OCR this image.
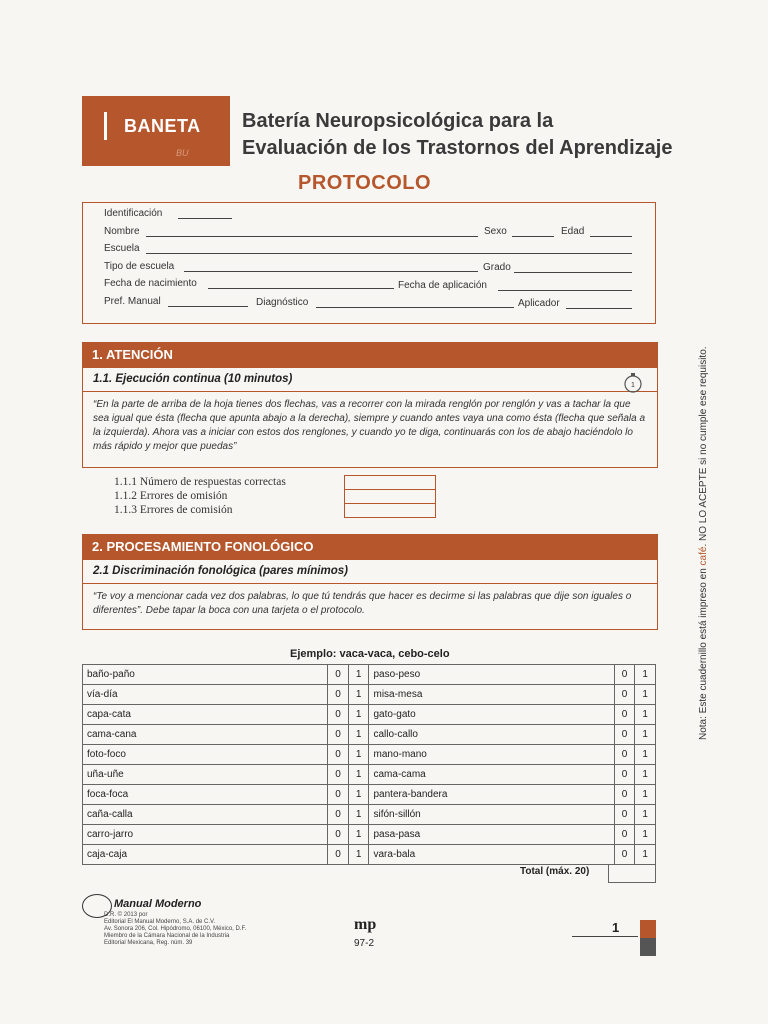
BANETA
BU
Batería Neuropsicológica para la
Evaluación de los Trastornos del Aprendizaje
PROTOCOLO
Identificación
Nombre	Sexo	Edad
Escuela
Tipo de escuela	Grado
Fecha de nacimiento	Fecha de aplicación
Pref. Manual	Diagnóstico	Aplicador
1. ATENCIÓN
1.1. Ejecución continua (10 minutos)
1
“En la parte de arriba de la hoja tienes dos flechas, vas a recorrer con la mirada renglón por renglón y vas a tachar la que sea igual que ésta (flecha que apunta abajo a la derecha), siempre y cuando antes vaya una como ésta (flecha que señala a la izquierda). Ahora vas a iniciar con estos dos renglones, y cuando yo te diga, continuarás con los de abajo haciéndolo lo más rápido y mejor que puedas”
1.1.1 Número de respuestas correctas
1.1.2 Errores de omisión
1.1.3 Errores de comisión
2. PROCESAMIENTO FONOLÓGICO
2.1 Discriminación fonológica (pares mínimos)
“Te voy a mencionar cada vez dos palabras, lo que tú tendrás que hacer es decirme si las palabras que dije son iguales o diferentes”. Debe tapar la boca con una tarjeta o el protocolo.
Ejemplo: vaca-vaca, cebo-celo
baño-paño	0	1	paso-peso	0	1
vía-día	0	1	misa-mesa	0	1
capa-cata	0	1	gato-gato	0	1
cama-cana	0	1	callo-callo	0	1
foto-foco	0	1	mano-mano	0	1
uña-uñe	0	1	cama-cama	0	1
foca-foca	0	1	pantera-bandera	0	1
caña-calla	0	1	sifón-sillón	0	1
carro-jarro	0	1	pasa-pasa	0	1
caja-caja	0	1	vara-bala	0	1
Total (máx. 20)
Nota: Este cuadernillo está impreso en café. NO LO ACEPTE si no cumple ese requisito.
Manual Moderno
D.R. © 2013 por
Editorial El Manual Moderno, S.A. de C.V.
Av. Sonora 206, Col. Hipódromo, 06100, México, D.F.
Miembro de la Cámara Nacional de la Industria
Editorial Mexicana, Reg. núm. 39
mp
97-2
1
